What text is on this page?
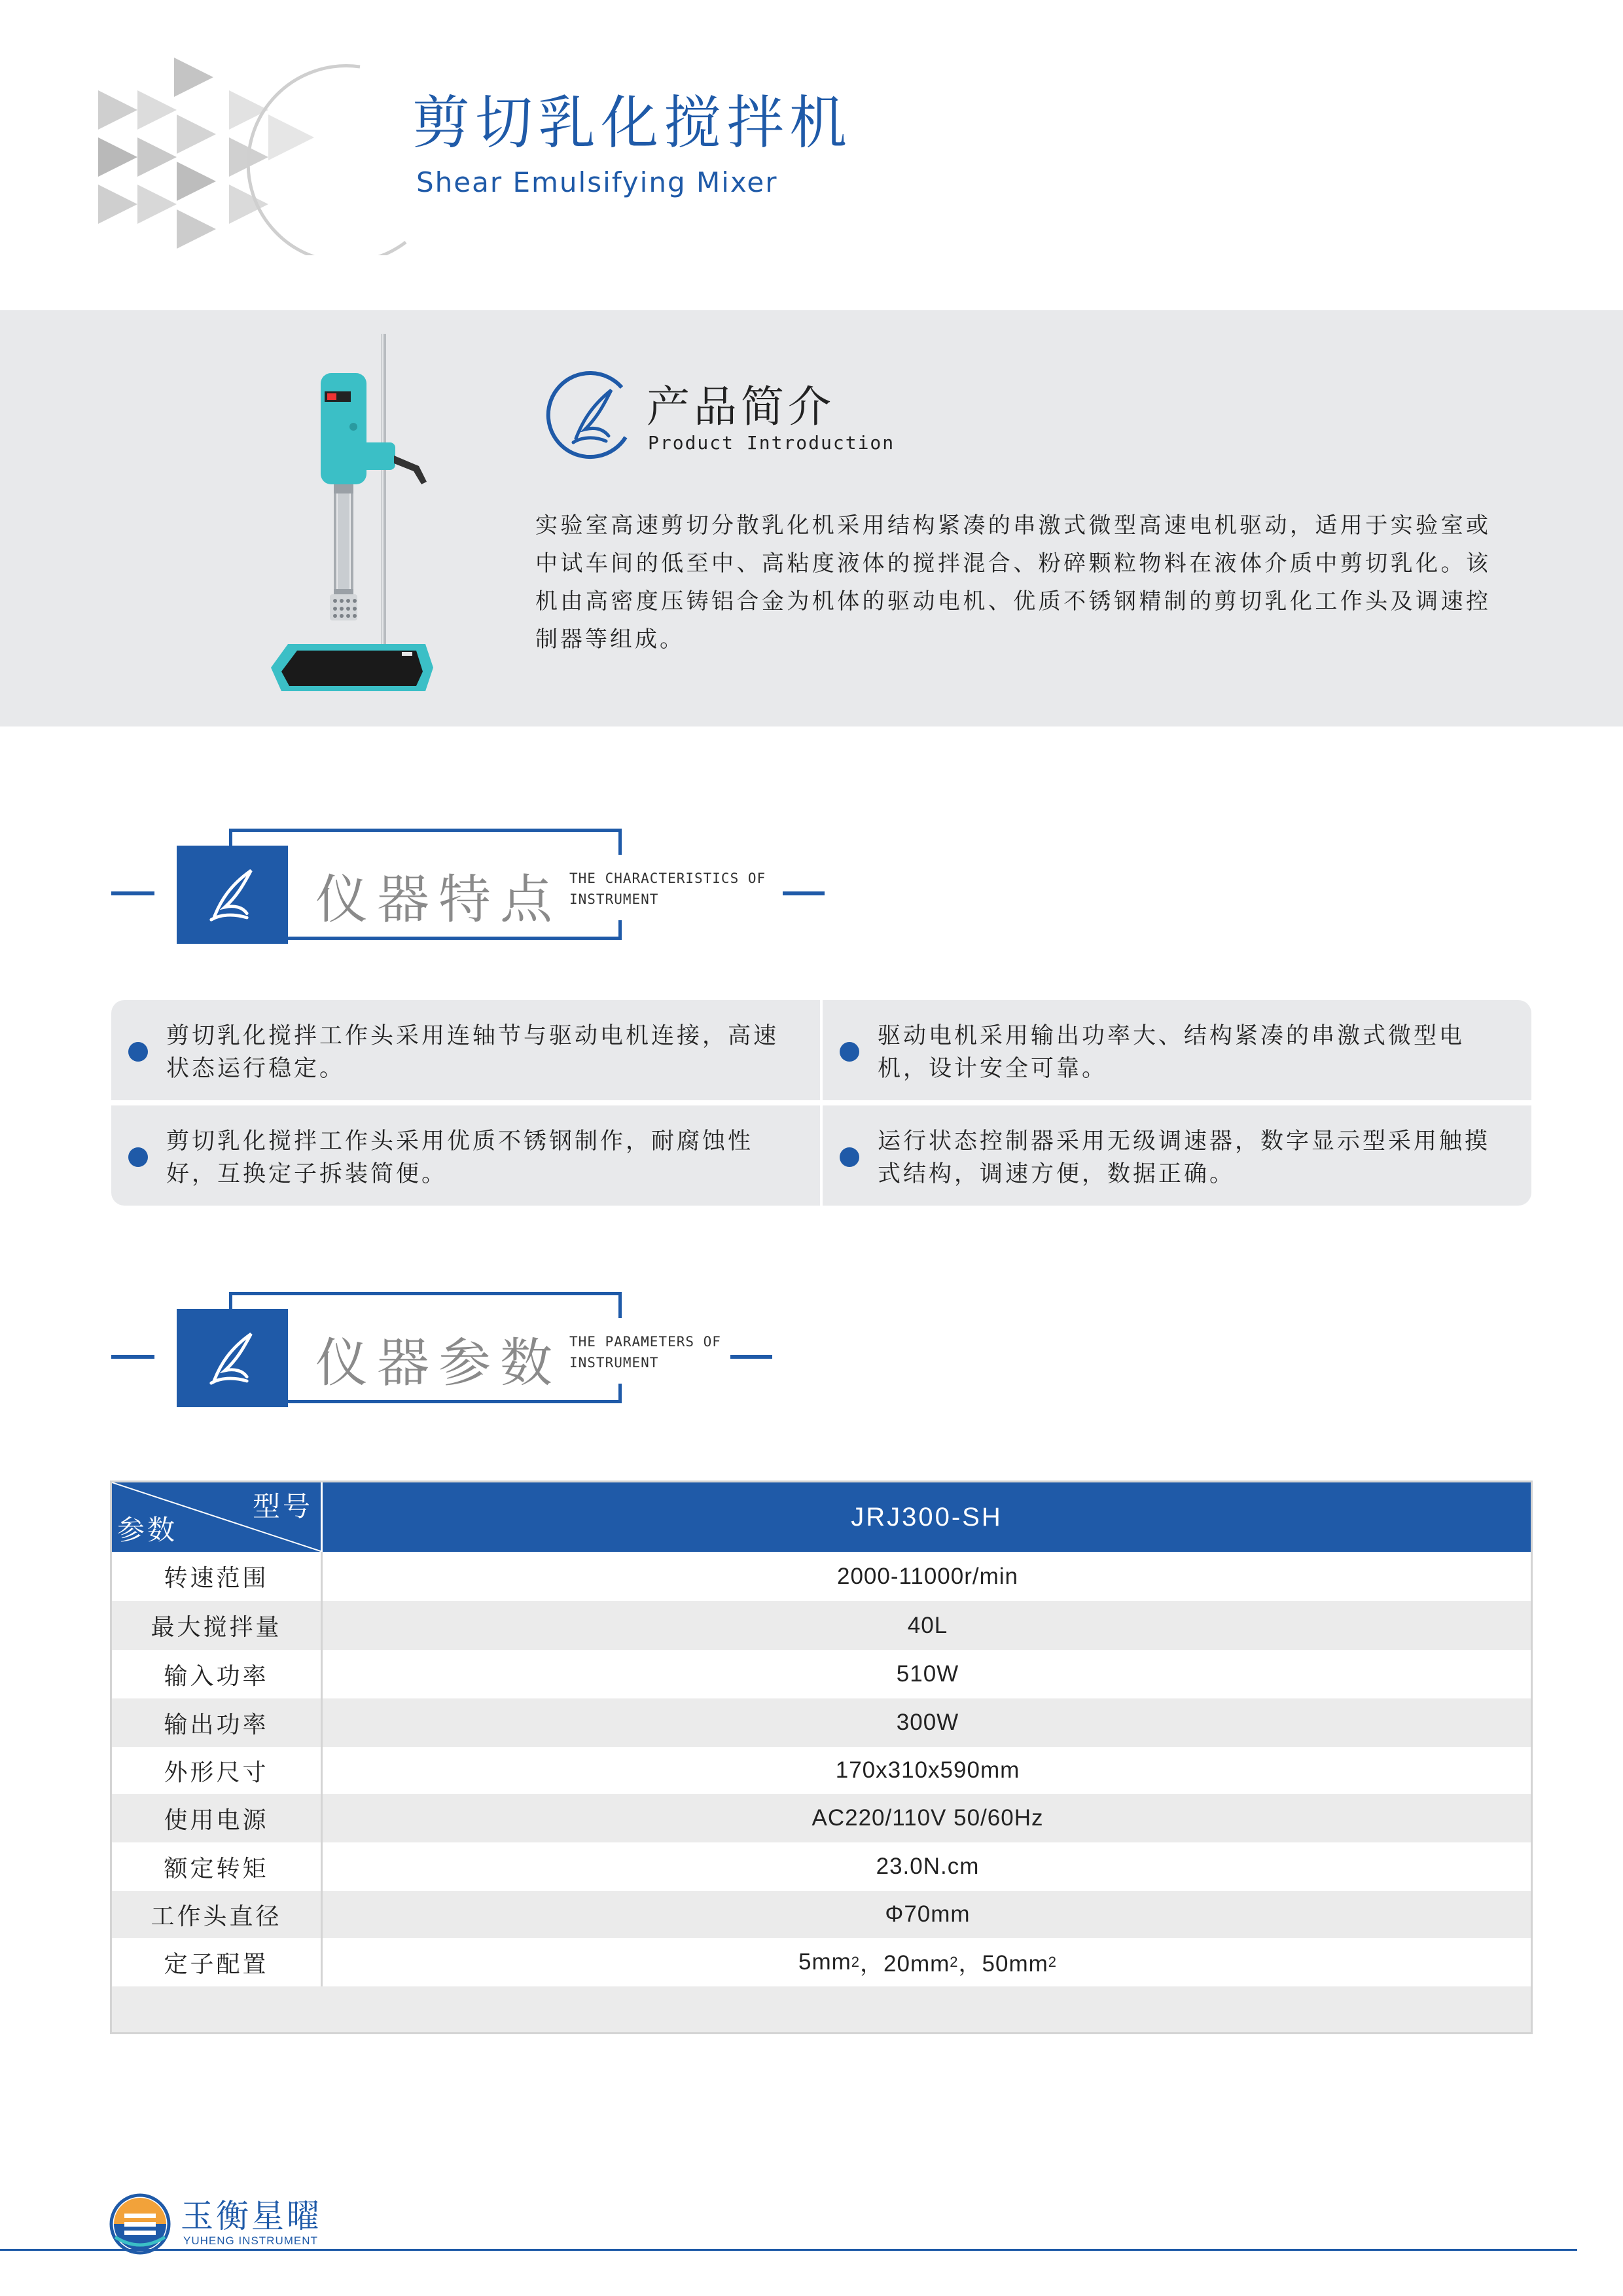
剪切乳化搅拌机
Shear Emulsifying Mixer
产品简介
Product Introduction
实验室高速剪切分散乳化机采用结构紧凑的串激式微型高速电机驱动，适用于实验室或中试车间的低至中、高粘度液体的搅拌混合、粉碎颗粒物料在液体介质中剪切乳化。该机由高密度压铸铝合金为机体的驱动电机、优质不锈钢精制的剪切乳化工作头及调速控制器等组成。
仪器特点 THE CHARACTERISTICS OF INSTRUMENT
剪切乳化搅拌工作头采用连轴节与驱动电机连接，高速状态运行稳定。
驱动电机采用输出功率大、结构紧凑的串激式微型电机，设计安全可靠。
剪切乳化搅拌工作头采用优质不锈钢制作，耐腐蚀性好，互换定子拆装简便。
运行状态控制器采用无级调速器，数字显示型采用触摸式结构，调速方便，数据正确。
仪器参数 THE PARAMETERS OF INSTRUMENT
型号
参数	JRJ300-SH
转速范围	2000-11000r/min
最大搅拌量	40L
输入功率	510W
输出功率	300W
外形尺寸	170x310x590mm
使用电源	AC220/110V 50/60Hz
额定转矩	23.0N.cm
工作头直径	Φ70mm
定子配置	5mm 2 ，20mm 2 ，50mm 2
玉衡星曜
YUHENG INSTRUMENT
